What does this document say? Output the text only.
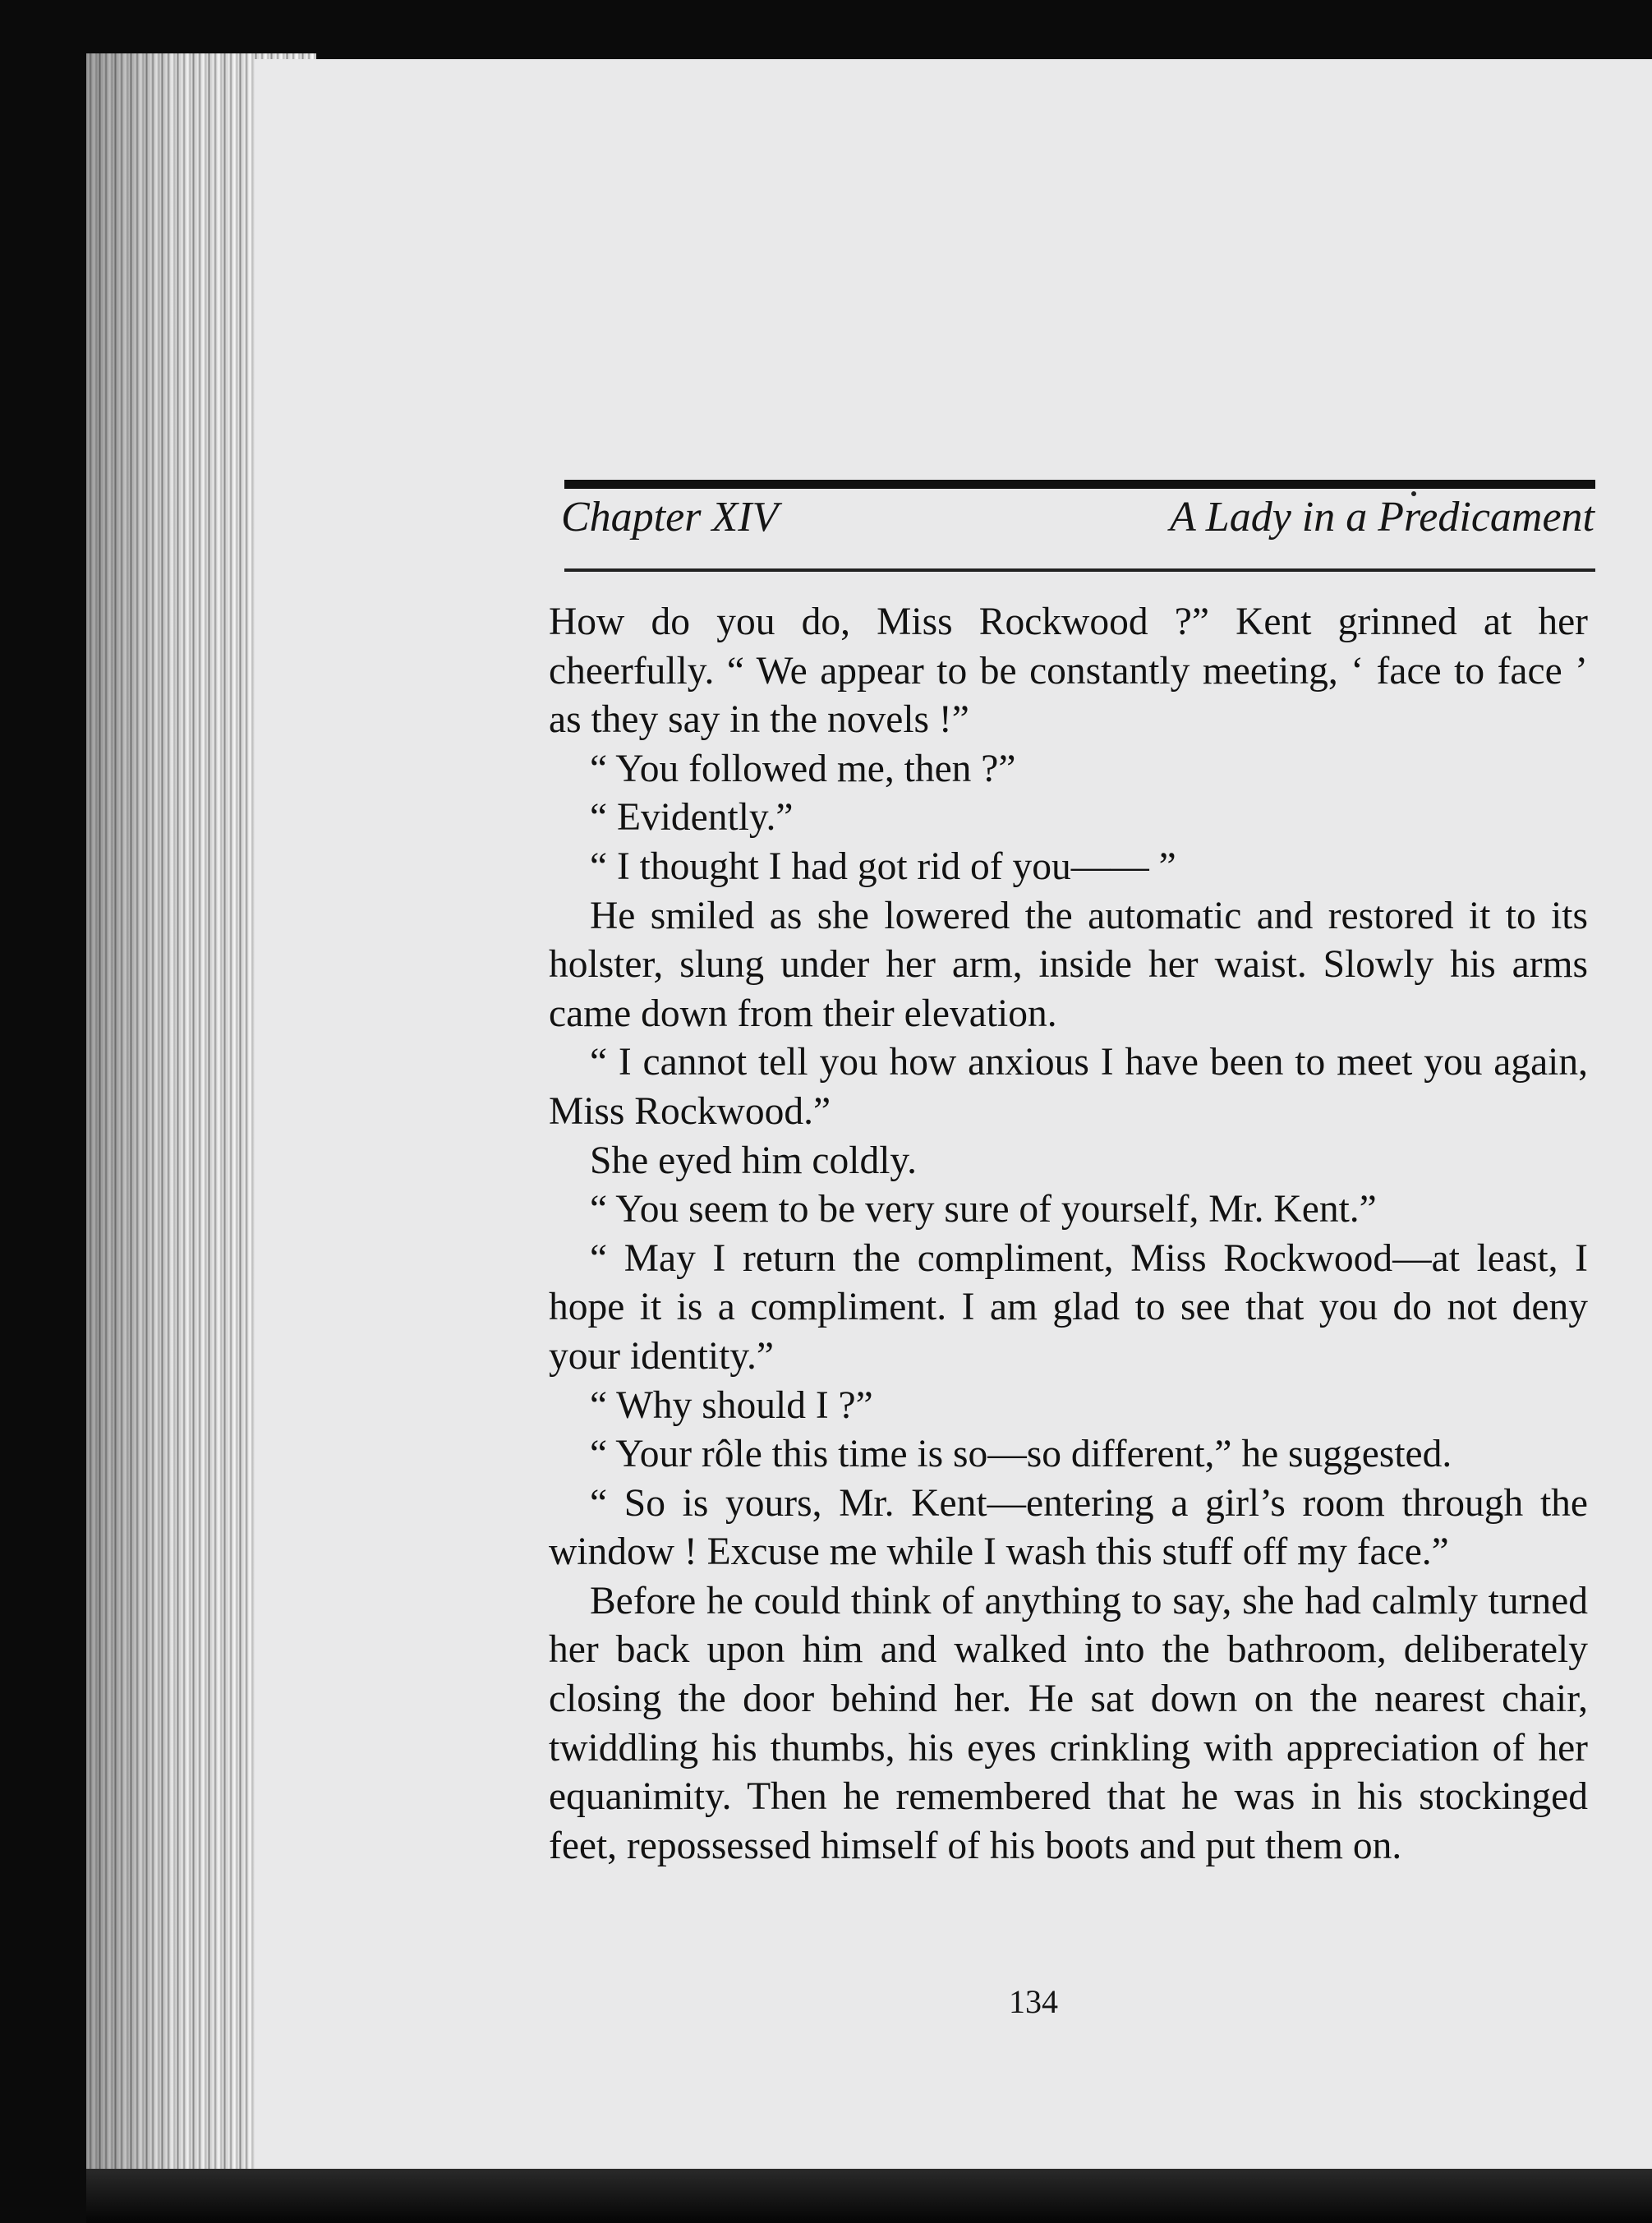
Chapter XIV	A Lady in a Predicament

How do you do, Miss Rockwood ?” Kent grinned at her cheerfully. “ We appear to be constantly meeting, ‘ face to face ’ as they say in the novels !”

“ You followed me, then ?”

“ Evidently.”

“ I thought I had got rid of you—— ”

He smiled as she lowered the automatic and restored it to its holster, slung under her arm, inside her waist. Slowly his arms came down from their elevation.

“ I cannot tell you how anxious I have been to meet you again, Miss Rockwood.”

She eyed him coldly.

“ You seem to be very sure of yourself, Mr. Kent.”

“ May I return the compliment, Miss Rockwood—at least, I hope it is a compliment. I am glad to see that you do not deny your identity.”

“ Why should I ?”

“ Your rôle this time is so—so different,” he suggested.

“ So is yours, Mr. Kent—entering a girl’s room through the window ! Excuse me while I wash this stuff off my face.”

Before he could think of anything to say, she had calmly turned her back upon him and walked into the bathroom, deliberately closing the door behind her. He sat down on the nearest chair, twiddling his thumbs, his eyes crinkling with appreciation of her equanimity. Then he remembered that he was in his stockinged feet, repossessed himself of his boots and put them on.

134
